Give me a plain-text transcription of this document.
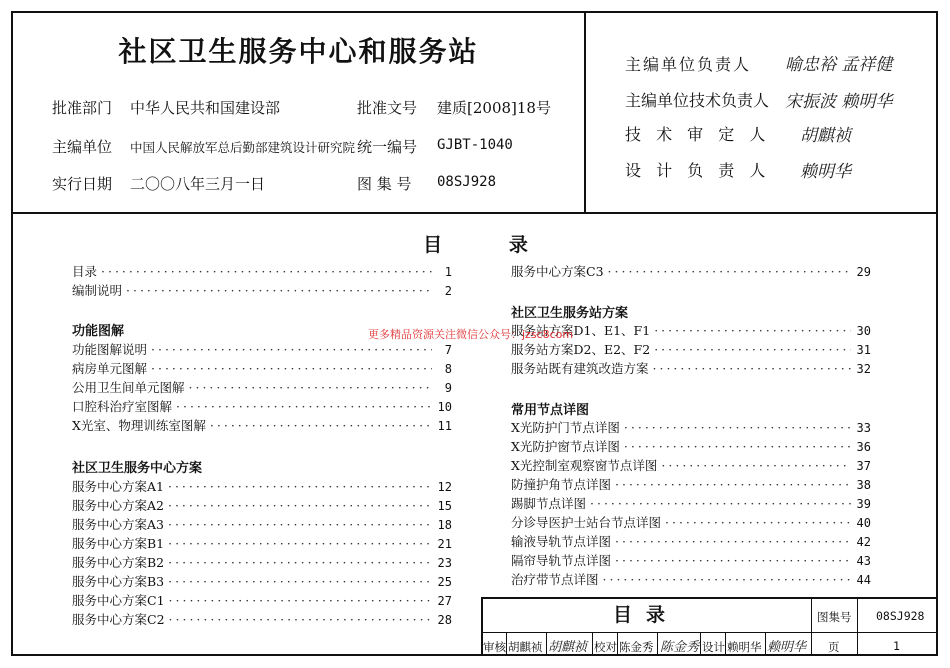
社区卫生服务中心和服务站
批准部门 中华人民共和国建设部	批准文号 建质[2008]18号
主编单位 中国人民解放军总后勤部建筑设计研究院 统一编号 GJBT-1040
实行日期 二〇〇八年三月一日	图 集 号 08SJ928
主编单位负责人 喻忠裕 孟祥健
主编单位技术负责人 宋振波 赖明华
技 术 审 定 人 胡麒祯
设 计 负 责 人 赖明华
目	录
目录 ·····	1
编制说明 ·····	2
功能图解
功能图解说明 ·····	7
病房单元图解 ·····	8
公用卫生间单元图解 ·····	9
口腔科治疗室图解 ·····	10
X光室、物理训练室图解 ·····	11
社区卫生服务中心方案
服务中心方案A1 ·····	12
服务中心方案A2 ·····	15
服务中心方案A3 ·····	18
服务中心方案B1 ·····	21
服务中心方案B2 ·····	23
服务中心方案B3 ·····	25
服务中心方案C1 ·····	27
服务中心方案C2 ·····	28
服务中心方案C3 ·····	29
社区卫生服务站方案
服务站方案D1、E1、F1 ·····	30
服务站方案D2、E2、F2 ·····	31
服务站既有建筑改造方案 ·····	32
常用节点详图
X光防护门节点详图 ·····	33
X光防护窗节点详图 ·····	36
X光控制室观察窗节点详图 ·····	37
防撞护角节点详图 ·····	38
踢脚节点详图 ·····	39
分诊导医护士站台节点详图 ·····	40
输液导轨节点详图 ·····	42
隔帘导轨节点详图 ·····	43
治疗带节点详图 ·····	44
更多精品资源关注微信公众号：jzsc8com
目录	图集号 08SJ928
审核 胡麒祯 胡麒祯 校对 陈金秀 陈金秀 设计 赖明华 赖明华 页	1
